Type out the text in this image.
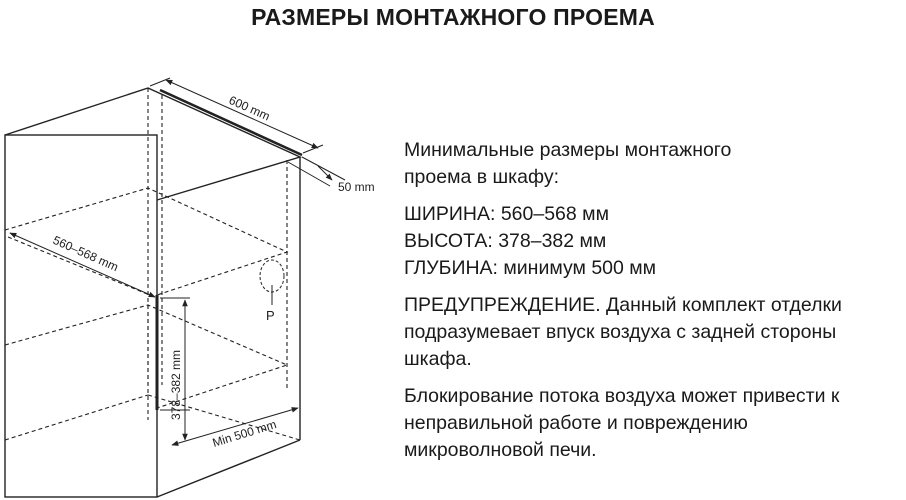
РАЗМЕРЫ МОНТАЖНОГО ПРОЕМА
600 mm
50 mm
560–568 mm
378–382 mm
Min 500 mm
P

Минимальные размеры монтажного

проема в шкафу:

ШИРИНА: 560–568 мм

ВЫСОТА: 378–382 мм

ГЛУБИНА: минимум 500 мм

ПРЕДУПРЕЖДЕНИЕ. Данный комплект отделки

подразумевает впуск воздуха с задней стороны

шкафа.

Блокирование потока воздуха может привести к

неправильной работе и повреждению

микроволновой печи.
